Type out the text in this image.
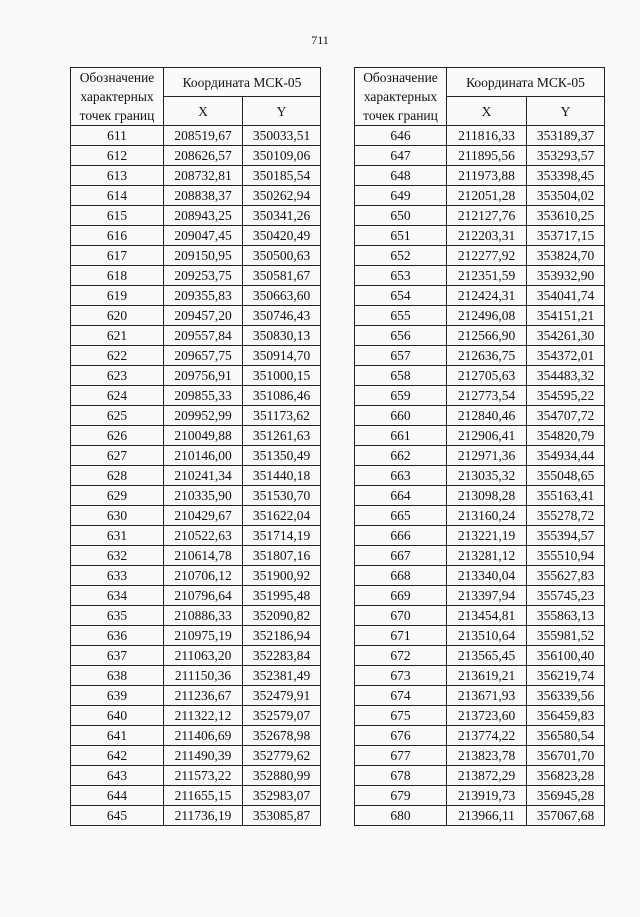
711
Обозначение
характерных
точек границ	Координата МСК-05	
	X	Y
611	208519,67	350033,51
612	208626,57	350109,06
613	208732,81	350185,54
614	208838,37	350262,94
615	208943,25	350341,26
616	209047,45	350420,49
617	209150,95	350500,63
618	209253,75	350581,67
619	209355,83	350663,60
620	209457,20	350746,43
621	209557,84	350830,13
622	209657,75	350914,70
623	209756,91	351000,15
624	209855,33	351086,46
625	209952,99	351173,62
626	210049,88	351261,63
627	210146,00	351350,49
628	210241,34	351440,18
629	210335,90	351530,70
630	210429,67	351622,04
631	210522,63	351714,19
632	210614,78	351807,16
633	210706,12	351900,92
634	210796,64	351995,48
635	210886,33	352090,82
636	210975,19	352186,94
637	211063,20	352283,84
638	211150,36	352381,49
639	211236,67	352479,91
640	211322,12	352579,07
641	211406,69	352678,98
642	211490,39	352779,62
643	211573,22	352880,99
644	211655,15	352983,07
645	211736,19	353085,87
Обозначение
характерных
точек границ	Координата МСК-05	
	X	Y
646	211816,33	353189,37
647	211895,56	353293,57
648	211973,88	353398,45
649	212051,28	353504,02
650	212127,76	353610,25
651	212203,31	353717,15
652	212277,92	353824,70
653	212351,59	353932,90
654	212424,31	354041,74
655	212496,08	354151,21
656	212566,90	354261,30
657	212636,75	354372,01
658	212705,63	354483,32
659	212773,54	354595,22
660	212840,46	354707,72
661	212906,41	354820,79
662	212971,36	354934,44
663	213035,32	355048,65
664	213098,28	355163,41
665	213160,24	355278,72
666	213221,19	355394,57
667	213281,12	355510,94
668	213340,04	355627,83
669	213397,94	355745,23
670	213454,81	355863,13
671	213510,64	355981,52
672	213565,45	356100,40
673	213619,21	356219,74
674	213671,93	356339,56
675	213723,60	356459,83
676	213774,22	356580,54
677	213823,78	356701,70
678	213872,29	356823,28
679	213919,73	356945,28
680	213966,11	357067,68
